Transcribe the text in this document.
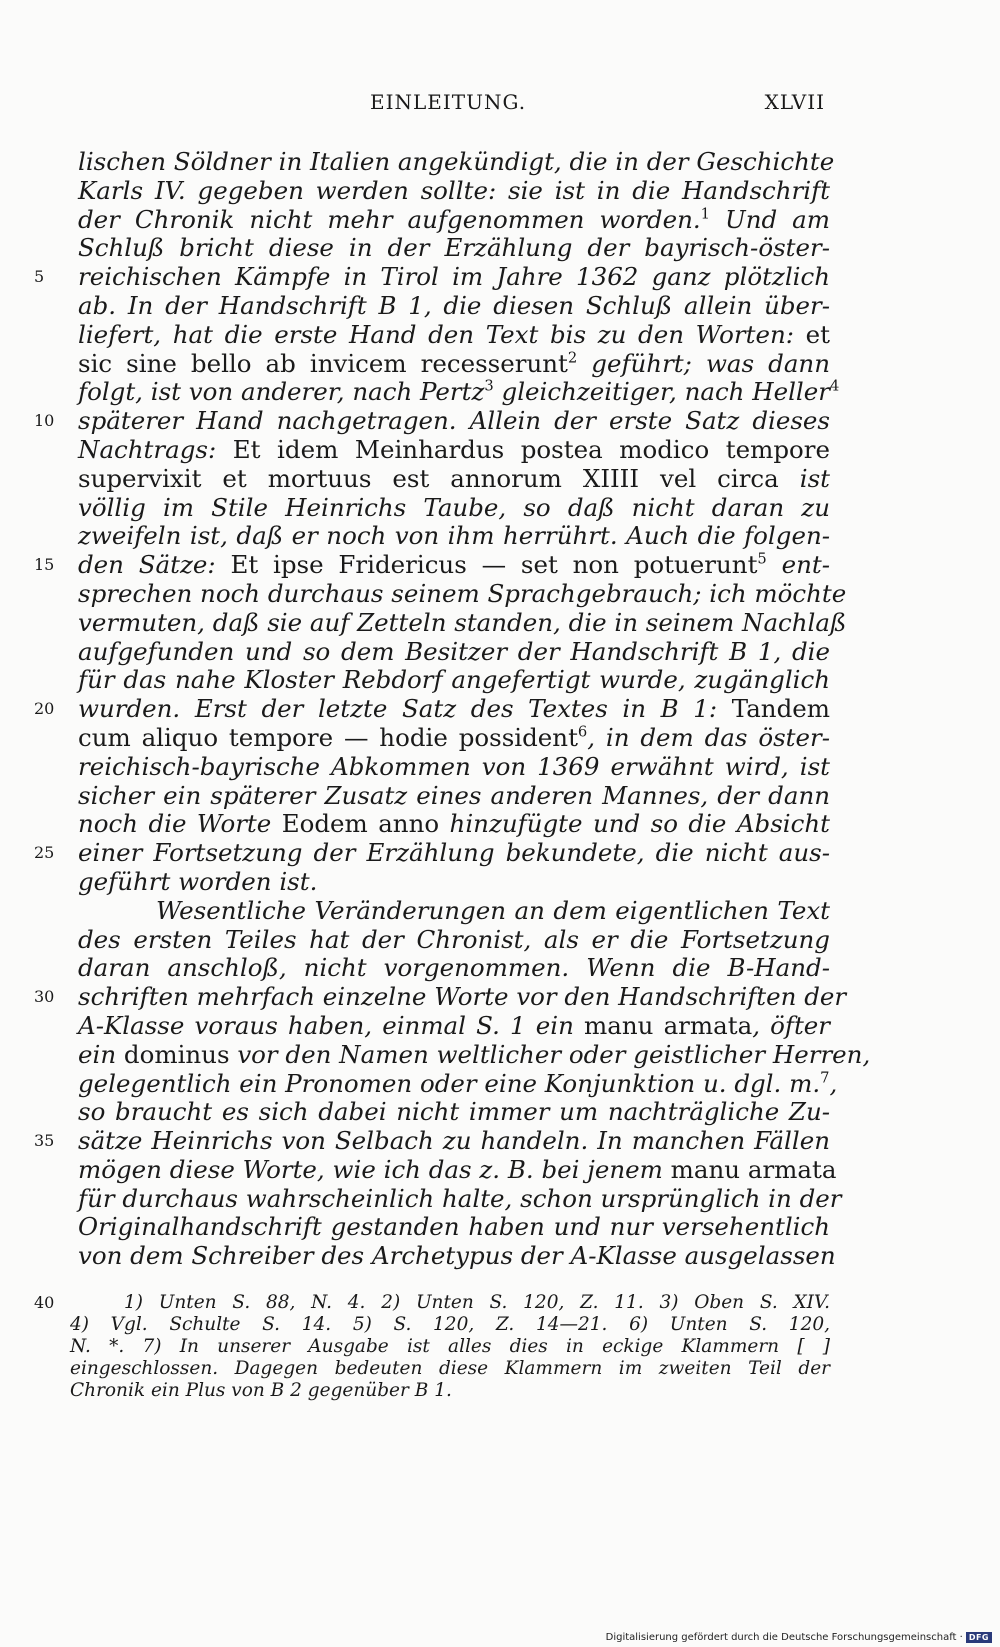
EINLEITUNG.	XLVII
lischen Söldner in Italien angekündigt, die in der Geschichte
Karls IV. gegeben werden sollte: sie ist in die Handschrift
der Chronik nicht mehr aufgenommen worden.$^1$ Und am
Schluß bricht diese in der Erzählung der bayrisch-öster-
5	reichischen Kämpfe in Tirol im Jahre 1362 ganz plötzlich
ab. In der Handschrift B 1, die diesen Schluß allein über-
liefert, hat die erste Hand den Text bis zu den Worten: et
sic sine bello ab invicem recesserunt$^2$ geführt; was dann
folgt, ist von anderer, nach Pertz$^3$ gleichzeitiger, nach Heller$^4$
10 späterer Hand nachgetragen. Allein der erste Satz dieses
Nachtrags: Et idem Meinhardus postea modico tempore
supervixit et mortuus est annorum XIIII vel circa ist
völlig im Stile Heinrichs Taube, so daß nicht daran zu
zweifeln ist, daß er noch von ihm herrührt. Auch die folgen-
15 den Sätze: Et ipse Fridericus — set non potuerunt$^5$ ent-
sprechen noch durchaus seinem Sprachgebrauch; ich möchte
vermuten, daß sie auf Zetteln standen, die in seinem Nachlaß
aufgefunden und so dem Besitzer der Handschrift B 1, die
für das nahe Kloster Rebdorf angefertigt wurde, zugänglich
20 wurden. Erst der letzte Satz des Textes in B 1: Tandem
cum aliquo tempore — hodie possident$^6$, in dem das öster-
reichisch-bayrische Abkommen von 1369 erwähnt wird, ist
sicher ein späterer Zusatz eines anderen Mannes, der dann
noch die Worte Eodem anno hinzufügte und so die Absicht
25 einer Fortsetzung der Erzählung bekundete, die nicht aus-
geführt worden ist.
Wesentliche Veränderungen an dem eigentlichen Text
des ersten Teiles hat der Chronist, als er die Fortsetzung
daran anschloß, nicht vorgenommen. Wenn die B-Hand-
30 schriften mehrfach einzelne Worte vor den Handschriften der
A-Klasse voraus haben, einmal S. 1 ein manu armata, öfter
ein dominus vor den Namen weltlicher oder geistlicher Herren,
gelegentlich ein Pronomen oder eine Konjunktion u. dgl. m.$^7$,
so braucht es sich dabei nicht immer um nachträgliche Zu-
35 sätze Heinrichs von Selbach zu handeln. In manchen Fällen
mögen diese Worte, wie ich das z. B. bei jenem manu armata
für durchaus wahrscheinlich halte, schon ursprünglich in der
Originalhandschrift gestanden haben und nur versehentlich
von dem Schreiber des Archetypus der A-Klasse ausgelassen
40	1) Unten S. 88, N. 4. 2) Unten S. 120, Z. 11. 3) Oben S. XIV.
4) Vgl. Schulte S. 14. 5) S. 120, Z. 14—21. 6) Unten S. 120,
N. *. 7) In unserer Ausgabe ist alles dies in eckige Klammern [ ]
eingeschlossen. Dagegen bedeuten diese Klammern im zweiten Teil der
Chronik ein Plus von B 2 gegenüber B 1.
Digitalisierung gefördert durch die Deutsche Forschungsgemeinschaft · DFG
